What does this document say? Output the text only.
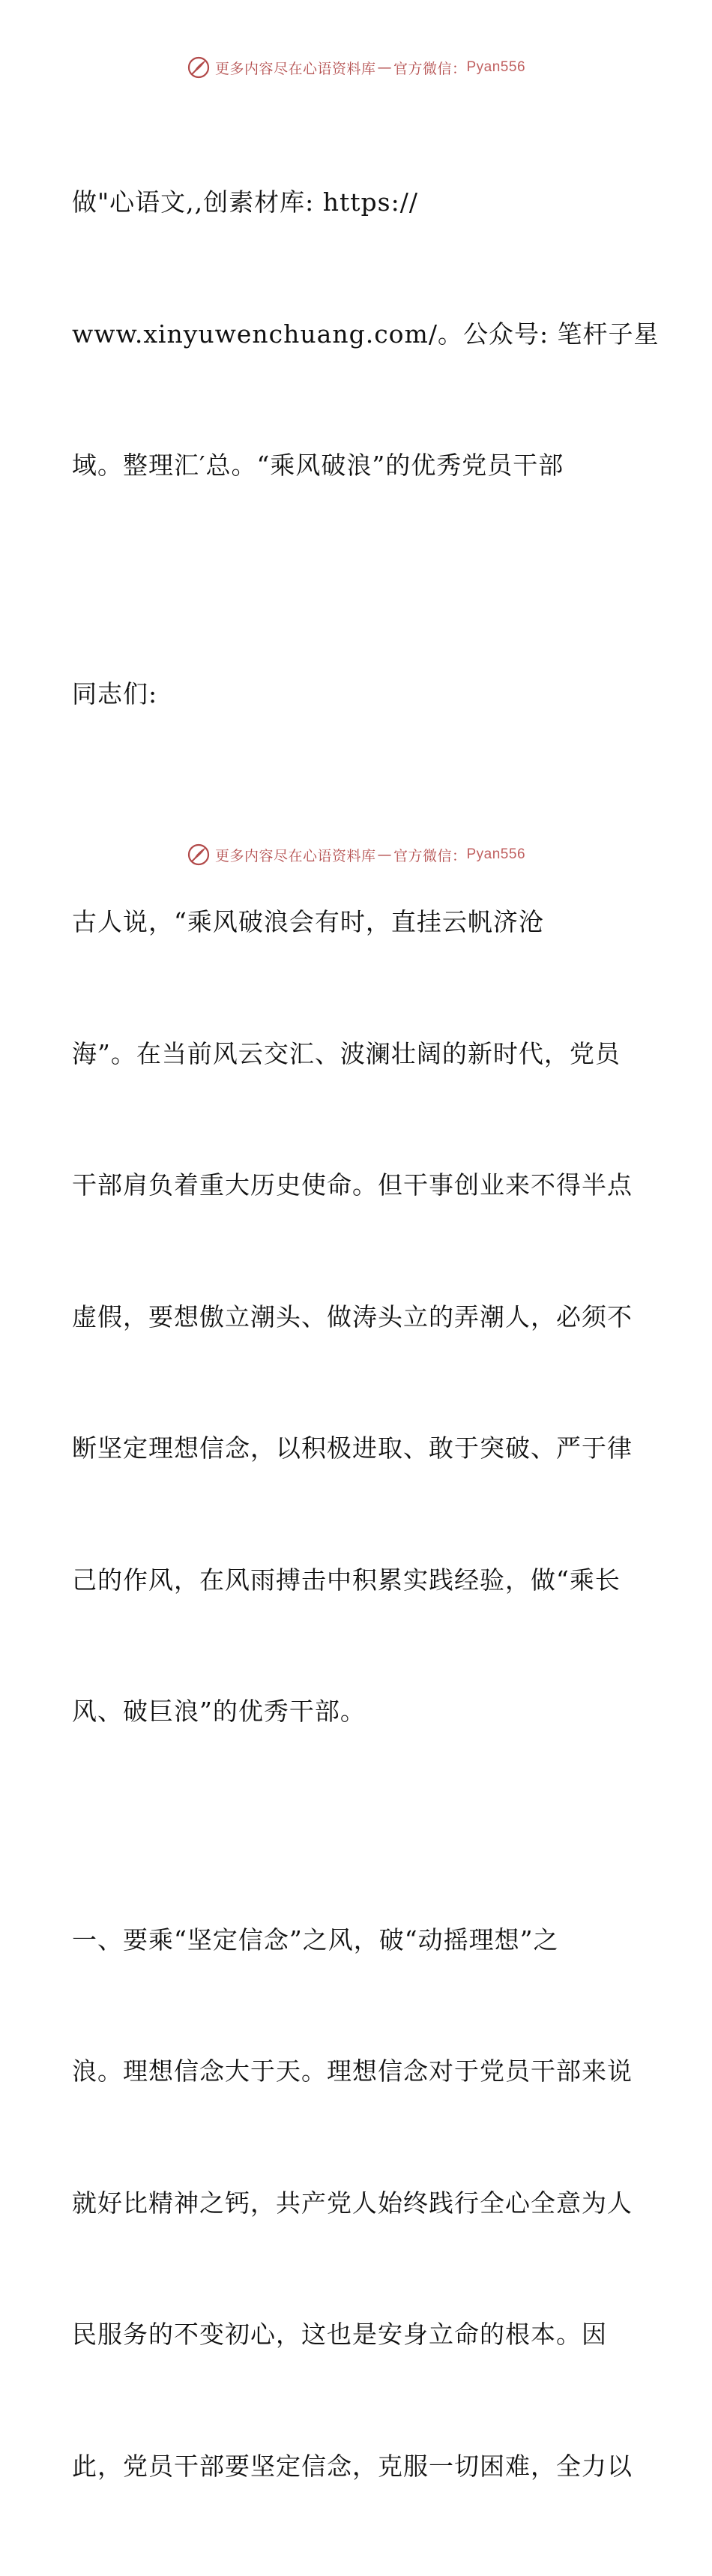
更多内容尽在心语资料库 — 官方微信： Pyan556

做"心语文,,创素材库: https://

www.xinyuwenchuang.com/。公众号: 笔杆子星

域。整理汇′总。“乘风破浪”的优秀党员干部

同志们:

古人说，“乘风破浪会有时，直挂云帆济沧

海”。在当前风云交汇、波澜壮阔的新时代，党员

干部肩负着重大历史使命。但干事创业来不得半点

虚假，要想傲立潮头、做涛头立的弄潮人，必须不

断坚定理想信念，以积极进取、敢于突破、严于律

己的作风，在风雨搏击中积累实践经验，做“乘长

风、破巨浪”的优秀干部。

一、要乘“坚定信念”之风，破“动摇理想”之

浪。理想信念大于天。理想信念对于党员干部来说

就好比精神之钙，共产党人始终践行全心全意为人

民服务的不变初心，这也是安身立命的根本。因

此，党员干部要坚定信念，克服一切困难，全力以

更多内容尽在心语资料库 — 官方微信： Pyan556
